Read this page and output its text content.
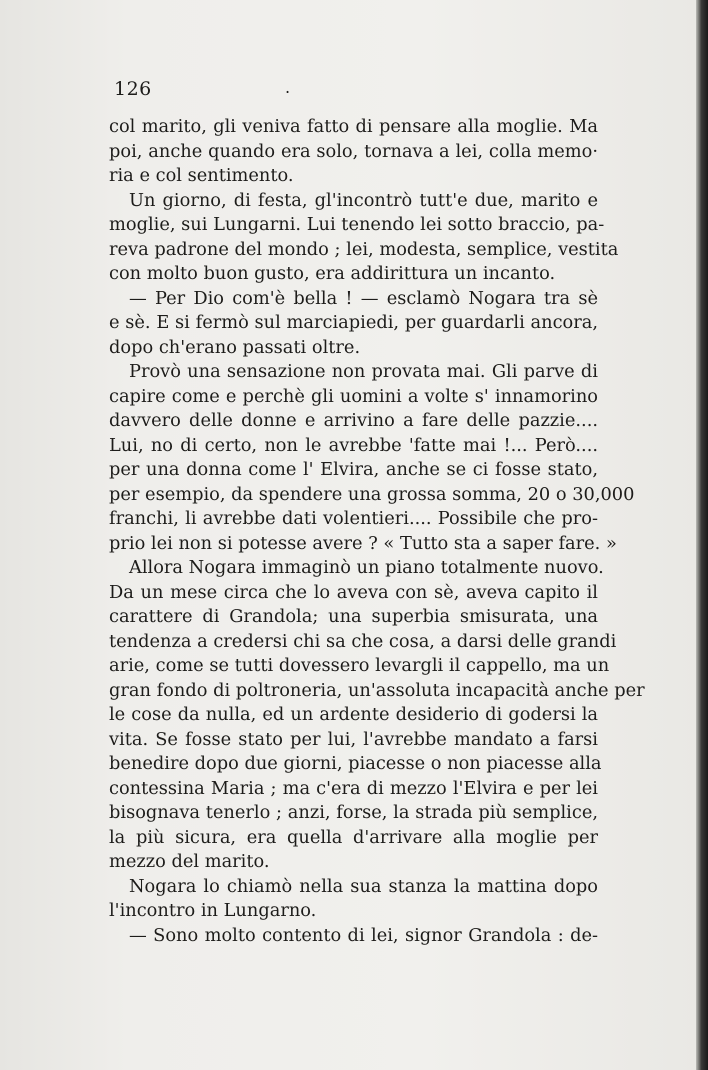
126	.
col marito, gli veniva fatto di pensare alla moglie. Ma
poi, anche quando era solo, tornava a lei, colla memo·
ria e col sentimento.
Un giorno, di festa, gl'incontrò tutt'e due, marito e
moglie, sui Lungarni. Lui tenendo lei sotto braccio, pa-
reva padrone del mondo ; lei, modesta, semplice, vestita
con molto buon gusto, era addirittura un incanto.
— Per Dio com'è bella ! — esclamò Nogara tra sè
e sè. E si fermò sul marciapiedi, per guardarli ancora,
dopo ch'erano passati oltre.
Provò una sensazione non provata mai. Gli parve di
capire come e perchè gli uomini a volte s' innamorino
davvero delle donne e arrivino a fare delle pazzie....
Lui, no di certo, non le avrebbe 'fatte mai !... Però....
per una donna come l' Elvira, anche se ci fosse stato,
per esempio, da spendere una grossa somma, 20 o 30,000
franchi, li avrebbe dati volentieri.... Possibile che pro-
prio lei non si potesse avere ? « Tutto sta a saper fare. »
Allora Nogara immaginò un piano totalmente nuovo.
Da un mese circa che lo aveva con sè, aveva capito il
carattere di Grandola; una superbia smisurata, una
tendenza a credersi chi sa che cosa, a darsi delle grandi
arie, come se tutti dovessero levargli il cappello, ma un
gran fondo di poltroneria, un'assoluta incapacità anche per
le cose da nulla, ed un ardente desiderio di godersi la
vita. Se fosse stato per lui, l'avrebbe mandato a farsi
benedire dopo due giorni, piacesse o non piacesse alla
contessina Maria ; ma c'era di mezzo l'Elvira e per lei
bisognava tenerlo ; anzi, forse, la strada più semplice,
la più sicura, era quella d'arrivare alla moglie per
mezzo del marito.
Nogara lo chiamò nella sua stanza la mattina dopo
l'incontro in Lungarno.
— Sono molto contento di lei, signor Grandola : de-
